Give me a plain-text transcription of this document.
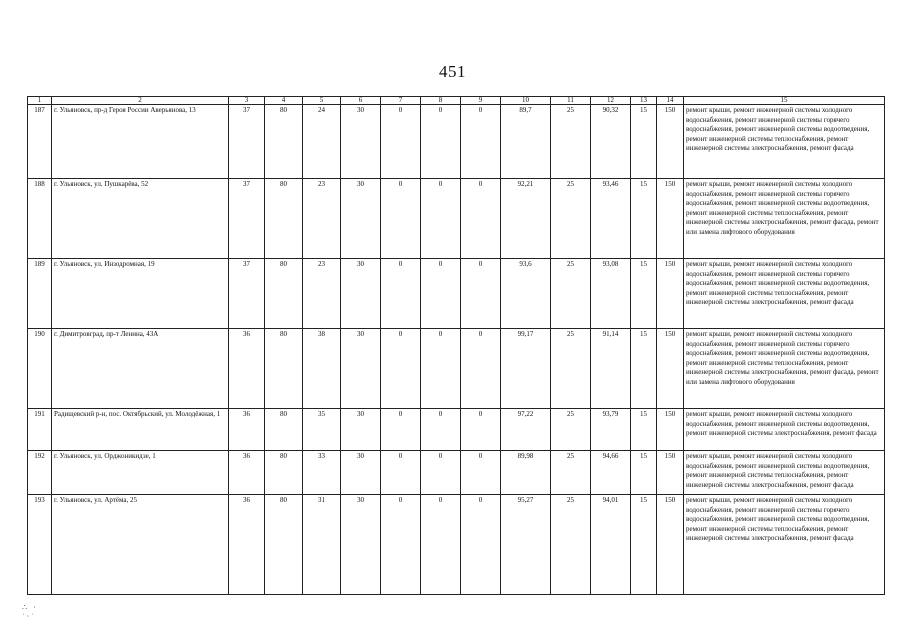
451
1	2	3	4	5	6	7	8	9	10	11	12	13	14	15
187	г. Ульяновск, пр-д Героя России Аверьянова, 13	37	80	24	30	0	0	0	89,7	25	90,32	15	150	ремонт крыши, ремонт инженерной системы холодного водоснабжения, ремонт инженерной системы горячего водоснабжения, ремонт инженерной системы водоотведения, ремонт инженерной системы теплоснабжения, ремонт инженерной системы электроснабжения, ремонт фасада
188	г. Ульяновск, ул. Пушкарёва, 52	37	80	23	30	0	0	0	92,21	25	93,46	15	150	ремонт крыши, ремонт инженерной системы холодного водоснабжения, ремонт инженерной системы горячего водоснабжения, ремонт инженерной системы водоотведения, ремонт инженерной системы теплоснабжения, ремонт инженерной системы электроснабжения, ремонт фасада, ремонт или замена лифтового оборудования
189	г. Ульяновск, ул. Инзодромная, 19	37	80	23	30	0	0	0	93,6	25	93,08	15	150	ремонт крыши, ремонт инженерной системы холодного водоснабжения, ремонт инженерной системы горячего водоснабжения, ремонт инженерной системы водоотведения, ремонт инженерной системы теплоснабжения, ремонт инженерной системы электроснабжения, ремонт фасада
190	г. Димитровград, пр-т Ленина, 43А	36	80	38	30	0	0	0	99,17	25	91,14	15	150	ремонт крыши, ремонт инженерной системы холодного водоснабжения, ремонт инженерной системы горячего водоснабжения, ремонт инженерной системы водоотведения, ремонт инженерной системы теплоснабжения, ремонт инженерной системы электроснабжения, ремонт фасада, ремонт или замена лифтового оборудования
191	Радищевский р-н, пос. Октябрьский, ул. Молодёжная, 1	36	80	35	30	0	0	0	97,22	25	93,79	15	150	ремонт крыши, ремонт инженерной системы холодного водоснабжения, ремонт инженерной системы водоотведения, ремонт инженерной системы электроснабжения, ремонт фасада
192	г. Ульяновск, ул. Орджоникидзе, 1	36	80	33	30	0	0	0	89,98	25	94,66	15	150	ремонт крыши, ремонт инженерной системы холодного водоснабжения, ремонт инженерной системы водоотведения, ремонт инженерной системы теплоснабжения, ремонт инженерной системы электроснабжения, ремонт фасада
193	г. Ульяновск, ул. Артёма, 25	36	80	31	30	0	0	0	95,27	25	94,01	15	150	ремонт крыши, ремонт инженерной системы холодного водоснабжения, ремонт инженерной системы горячего водоснабжения, ремонт инженерной системы водоотведения, ремонт инженерной системы теплоснабжения, ремонт инженерной системы электроснабжения, ремонт фасада
∴ ·
˙·˙
